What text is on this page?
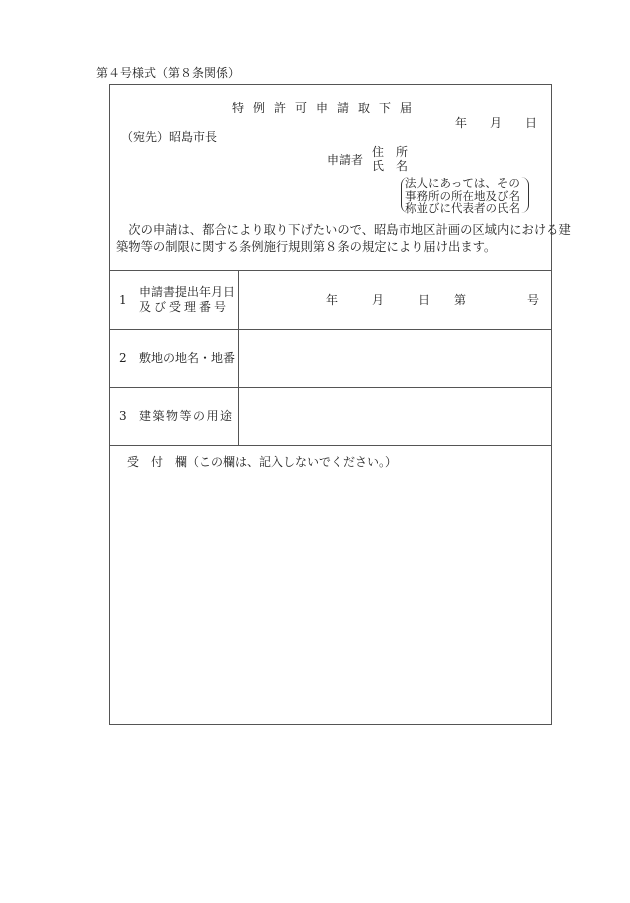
第４号様式（第８条関係）
特例許可申請取下届
年 月 日
（宛先）昭島市長
申請者
住　所
氏　名
法人にあっては、その
事務所の所在地及び名
称並びに代表者の氏名
　次の申請は、都合により取り下げたいので、昭島市地区計画の区域内における建
築物等の制限に関する条例施行規則第８条の規定により届け出ます。
1
申請書提出年月日
及び受理番号	年	月	日 第	号
2 敷地の地名・地番
3 建築物等の用途
受　付　欄（この欄は、記入しないでください。）
